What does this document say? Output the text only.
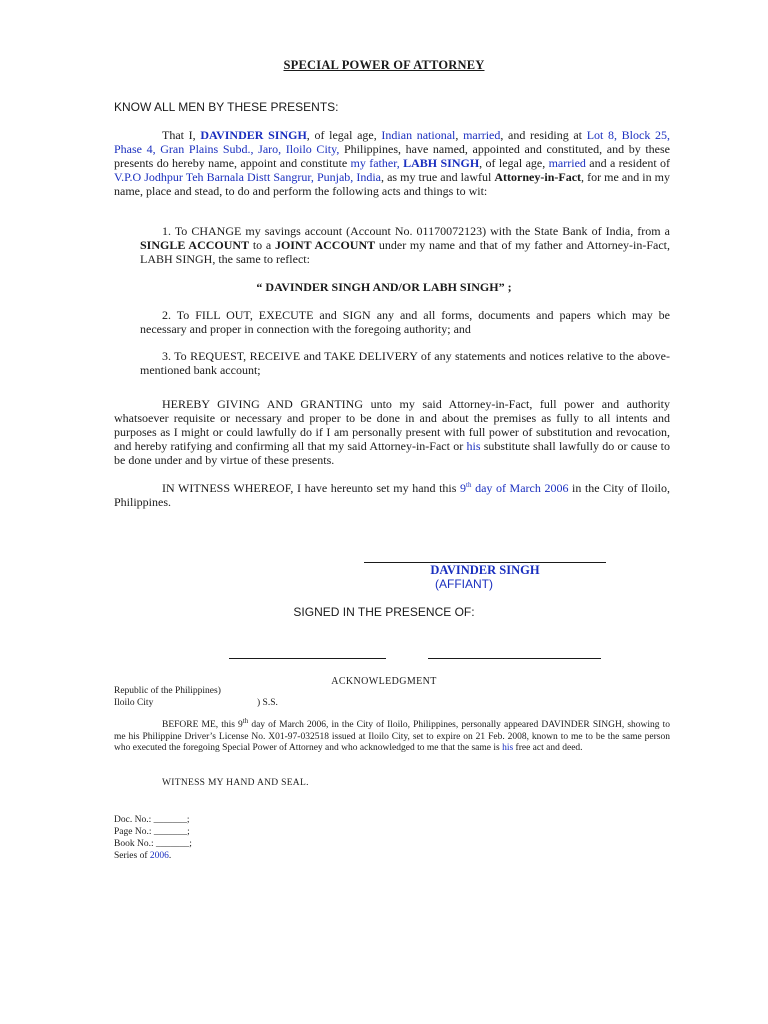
SPECIAL POWER OF ATTORNEY
KNOW ALL MEN BY THESE PRESENTS:
That I, DAVINDER SINGH, of legal age, Indian national, married, and residing at Lot 8, Block 25, Phase 4, Gran Plains Subd., Jaro, Iloilo City, Philippines, have named, appointed and constituted, and by these presents do hereby name, appoint and constitute my father, LABH SINGH, of legal age, married and a resident of V.P.O Jodhpur Teh Barnala Distt Sangrur, Punjab, India, as my true and lawful Attorney-in-Fact, for me and in my name, place and stead, to do and perform the following acts and things to wit:
1. To CHANGE my savings account (Account No. 01170072123) with the State Bank of India, from a SINGLE ACCOUNT to a JOINT ACCOUNT under my name and that of my father and Attorney-in-Fact, LABH SINGH, the same to reflect:
“ DAVINDER SINGH AND/OR LABH SINGH” ;
2. To FILL OUT, EXECUTE and SIGN any and all forms, documents and papers which may be necessary and proper in connection with the foregoing authority; and
3. To REQUEST, RECEIVE and TAKE DELIVERY of any statements and notices relative to the above-mentioned bank account;
HEREBY GIVING AND GRANTING unto my said Attorney-in-Fact, full power and authority whatsoever requisite or necessary and proper to be done in and about the premises as fully to all intents and purposes as I might or could lawfully do if I am personally present with full power of substitution and revocation, and hereby ratifying and confirming all that my said Attorney-in-Fact or his substitute shall lawfully do or cause to be done under and by virtue of these presents.
IN WITNESS WHEREOF, I have hereunto set my hand this 9th day of March 2006 in the City of Iloilo, Philippines.
DAVINDER SINGH
(AFFIANT)
SIGNED IN THE PRESENCE OF:
ACKNOWLEDGMENT
Republic of the Philippines)
Iloilo City	) S.S.
BEFORE ME, this 9th day of March 2006, in the City of Iloilo, Philippines, personally appeared DAVINDER SINGH, showing to me his Philippine Driver’s License No. X01-97-032518 issued at Iloilo City, set to expire on 21 Feb. 2008, known to me to be the same person who executed the foregoing Special Power of Attorney and who acknowledged to me that the same is his free act and deed.
WITNESS MY HAND AND SEAL.
Doc. No.: _______;
Page No.: _______;
Book No.: _______;
Series of 2006.
